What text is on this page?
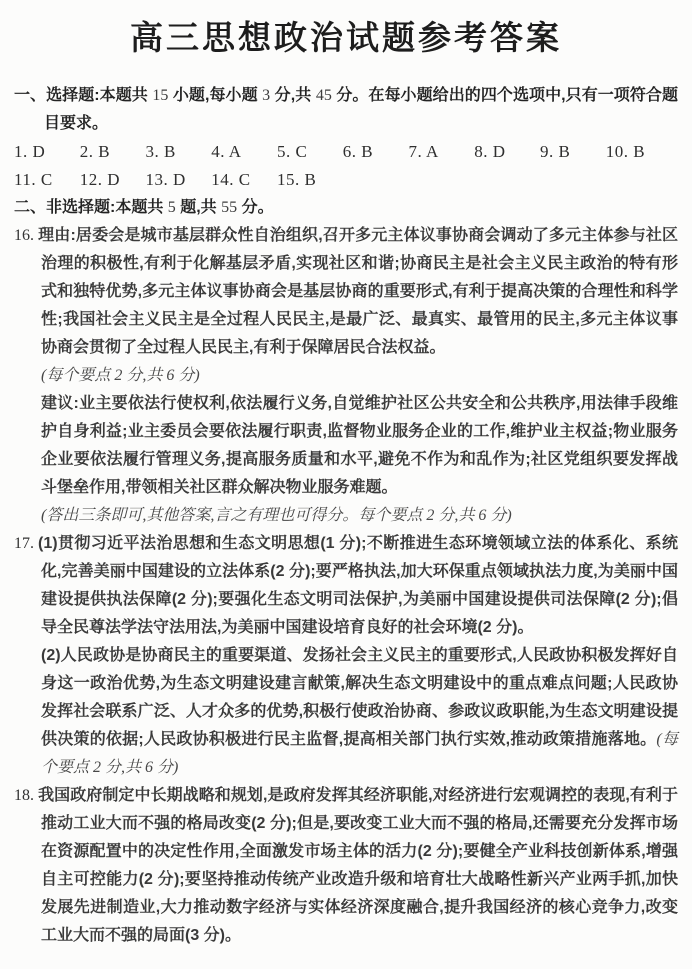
高三思想政治试题参考答案
一、选择题:本题共 15 小题,每小题 3 分,共 45 分。在每小题给出的四个选项中,只有一项符合题目要求。
1. D 2. B 3. B 4. A 5. C 6. B 7. A 8. D 9. B 10. B
11. C 12. D 13. D 14. C 15. B
二、非选择题:本题共 5 题,共 55 分。
16. 理由:居委会是城市基层群众性自治组织,召开多元主体议事协商会调动了多元主体参与社区治理的积极性,有利于化解基层矛盾,实现社区和谐;协商民主是社会主义民主政治的特有形式和独特优势,多元主体议事协商会是基层协商的重要形式,有利于提高决策的合理性和科学性;我国社会主义民主是全过程人民民主,是最广泛、最真实、最管用的民主,多元主体议事协商会贯彻了全过程人民民主,有利于保障居民合法权益。
(每个要点 2 分,共 6 分)
建议:业主要依法行使权利,依法履行义务,自觉维护社区公共安全和公共秩序,用法律手段维护自身利益;业主委员会要依法履行职责,监督物业服务企业的工作,维护业主权益;物业服务企业要依法履行管理义务,提高服务质量和水平,避免不作为和乱作为;社区党组织要发挥战斗堡垒作用,带领相关社区群众解决物业服务难题。
(答出三条即可,其他答案,言之有理也可得分。每个要点 2 分,共 6 分)
17. (1)贯彻习近平法治思想和生态文明思想(1 分);不断推进生态环境领域立法的体系化、系统化,完善美丽中国建设的立法体系(2 分);要严格执法,加大环保重点领域执法力度,为美丽中国建设提供执法保障(2 分);要强化生态文明司法保护,为美丽中国建设提供司法保障(2 分);倡导全民尊法学法守法用法,为美丽中国建设培育良好的社会环境(2 分)。
(2)人民政协是协商民主的重要渠道、发扬社会主义民主的重要形式,人民政协积极发挥好自身这一政治优势,为生态文明建设建言献策,解决生态文明建设中的重点难点问题;人民政协发挥社会联系广泛、人才众多的优势,积极行使政治协商、参政议政职能,为生态文明建设提供决策的依据;人民政协积极进行民主监督,提高相关部门执行实效,推动政策措施落地。(每个要点 2 分,共 6 分)
18. 我国政府制定中长期战略和规划,是政府发挥其经济职能,对经济进行宏观调控的表现,有利于推动工业大而不强的格局改变(2 分);但是,要改变工业大而不强的格局,还需要充分发挥市场在资源配置中的决定性作用,全面激发市场主体的活力(2 分);要健全产业科技创新体系,增强自主可控能力(2 分);要坚持推动传统产业改造升级和培育壮大战略性新兴产业两手抓,加快发展先进制造业,大力推动数字经济与实体经济深度融合,提升我国经济的核心竞争力,改变工业大而不强的局面(3 分)。
